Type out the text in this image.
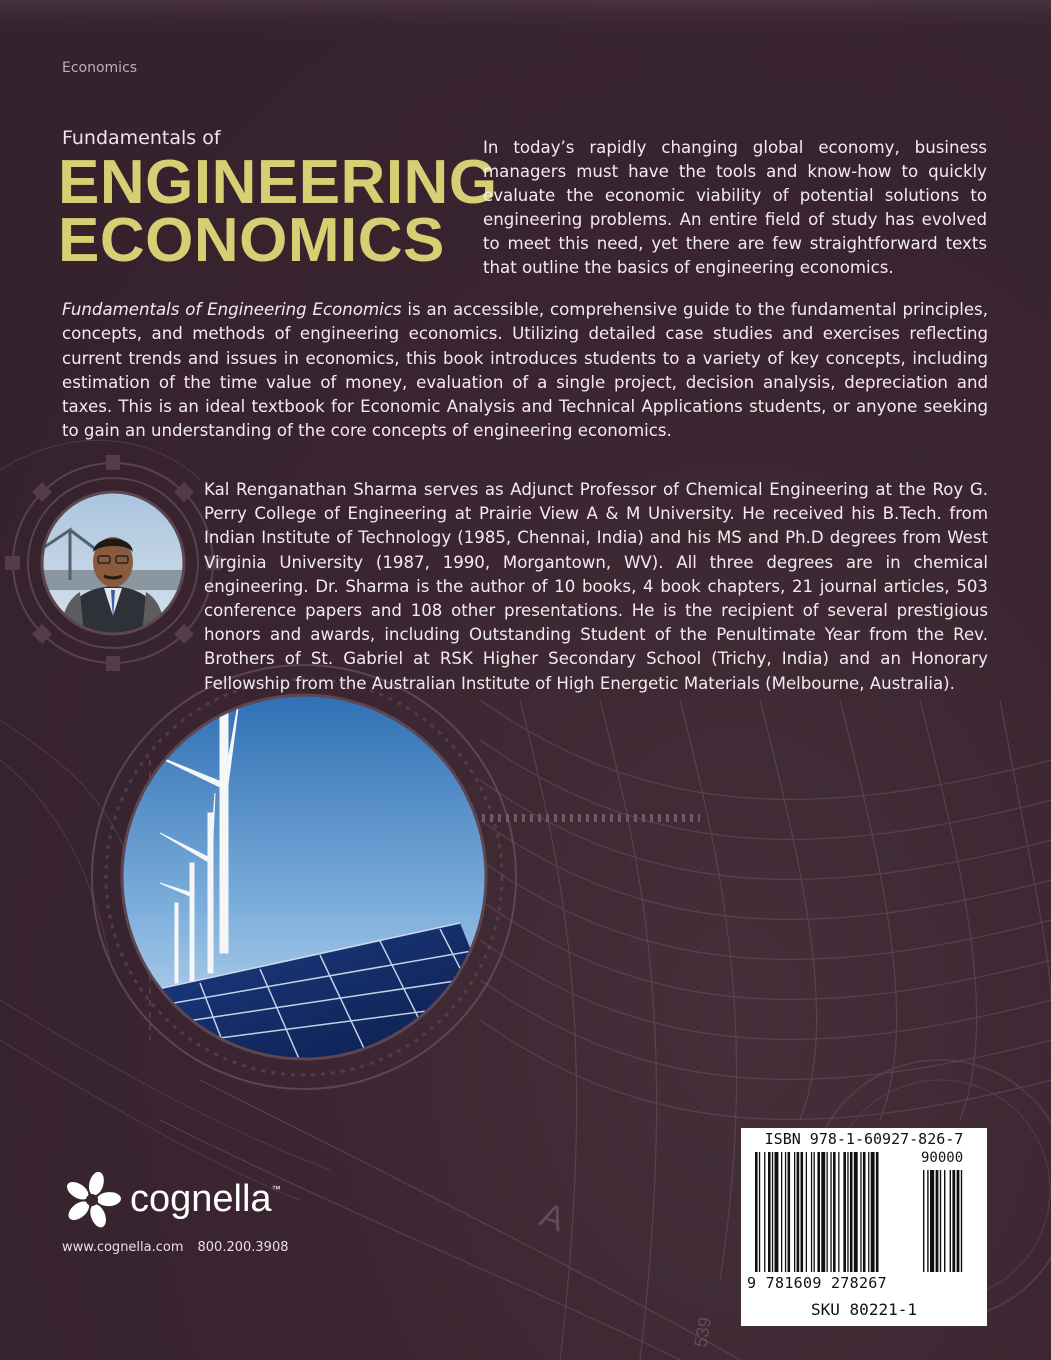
A
539
Economics
Fundamentals of
ENGINEERING
ECONOMICS
In today’s rapidly changing global economy, business managers must have the tools and know-how to quickly evaluate the economic viability of potential solutions to engineering problems. An entire field of study has evolved to meet this need, yet there are few straightforward texts that outline the basics of engineering economics.
Fundamentals of Engineering Economics is an accessible, comprehensive guide to the fundamental principles, concepts, and methods of engineering economics. Utilizing detailed case studies and exercises reflecting current trends and issues in economics, this book introduces students to a variety of key concepts, including estimation of the time value of money, evaluation of a single project, decision analysis, depreciation and taxes. This is an ideal textbook for Economic Analysis and Technical Applications students, or anyone seeking to gain an understanding of the core concepts of engineering economics.
Kal Renganathan Sharma serves as Adjunct Professor of Chemical Engineering at the Roy G. Perry College of Engineering at Prairie View A & M University. He received his B.Tech. from Indian Institute of Technology (1985, Chennai, India) and his MS and Ph.D degrees from West Virginia University (1987, 1990, Morgantown, WV). All three degrees are in chemical engineering. Dr. Sharma is the author of 10 books, 4 book chapters, 21 journal articles, 503 conference papers and 108 other presentations. He is the recipient of several prestigious honors and awards, including Outstanding Student of the Penultimate Year from the Rev. Brothers of St. Gabriel at RSK Higher Secondary School (Trichy, India) and an Honorary Fellowship from the Australian Institute of High Energetic Materials (Melbourne, Australia).
cognella™
www.cognella.com 800.200.3908
ISBN 978-1-60927-826-7
90000
9 781609 278267
SKU 80221-1
